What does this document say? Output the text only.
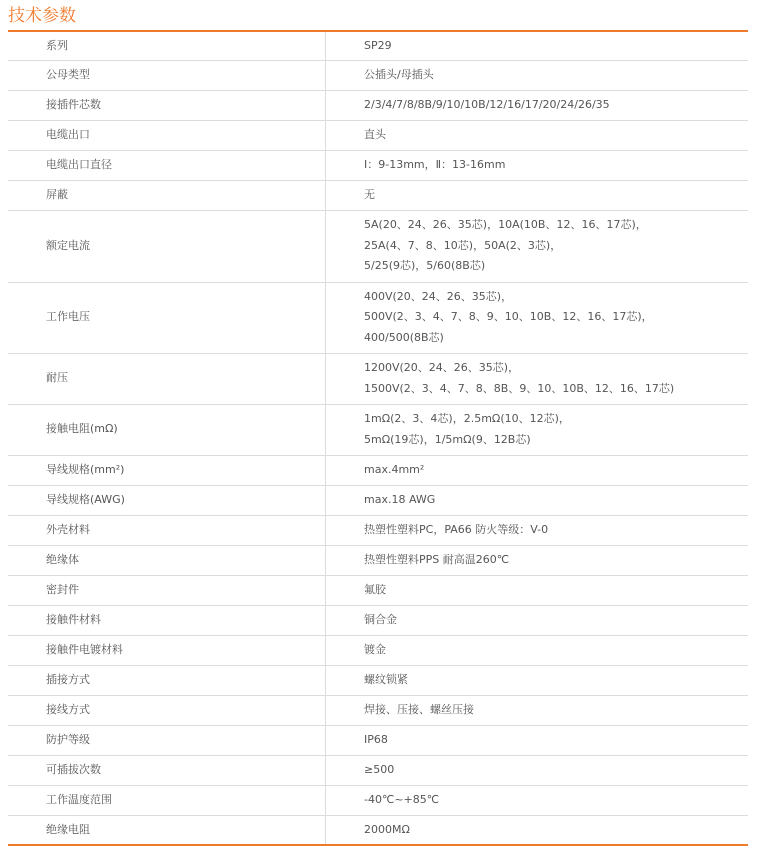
技术参数
系列	SP29

公母类型	公插头/母插头

接插件芯数	2/3/4/7/8/8B/9/10/10B/12/16/17/20/24/26/35

电缆出口	直头

电缆出口直径	Ⅰ：9-13mm，Ⅱ：13-16mm

屏蔽	无

额定电流	5A(20、24、26、35芯)，10A(10B、12、16、17芯)，
25A(4、7、8、10芯)，50A(2、3芯)，
5/25(9芯)，5/60(8B芯)

工作电压	400V(20、24、26、35芯)，
500V(2、3、4、7、8、9、10、10B、12、16、17芯)，
400/500(8B芯)

耐压	1200V(20、24、26、35芯)，
1500V(2、3、4、7、8、8B、9、10、10B、12、16、17芯)

接触电阻(mΩ)	1mΩ(2、3、4芯)，2.5mΩ(10、12芯)，
5mΩ(19芯)，1/5mΩ(9、12B芯)

导线规格(mm²)	max.4mm²

导线规格(AWG)	max.18 AWG

外壳材料	热塑性塑料PC，PA66 防火等级：V-0

绝缘体	热塑性塑料PPS 耐高温260℃

密封件	氟胶

接触件材料	铜合金

接触件电镀材料	镀金

插接方式	螺纹锁紧

接线方式	焊接、压接、螺丝压接

防护等级	IP68

可插拔次数	≥500

工作温度范围	-40℃~+85℃

绝缘电阻	2000MΩ
